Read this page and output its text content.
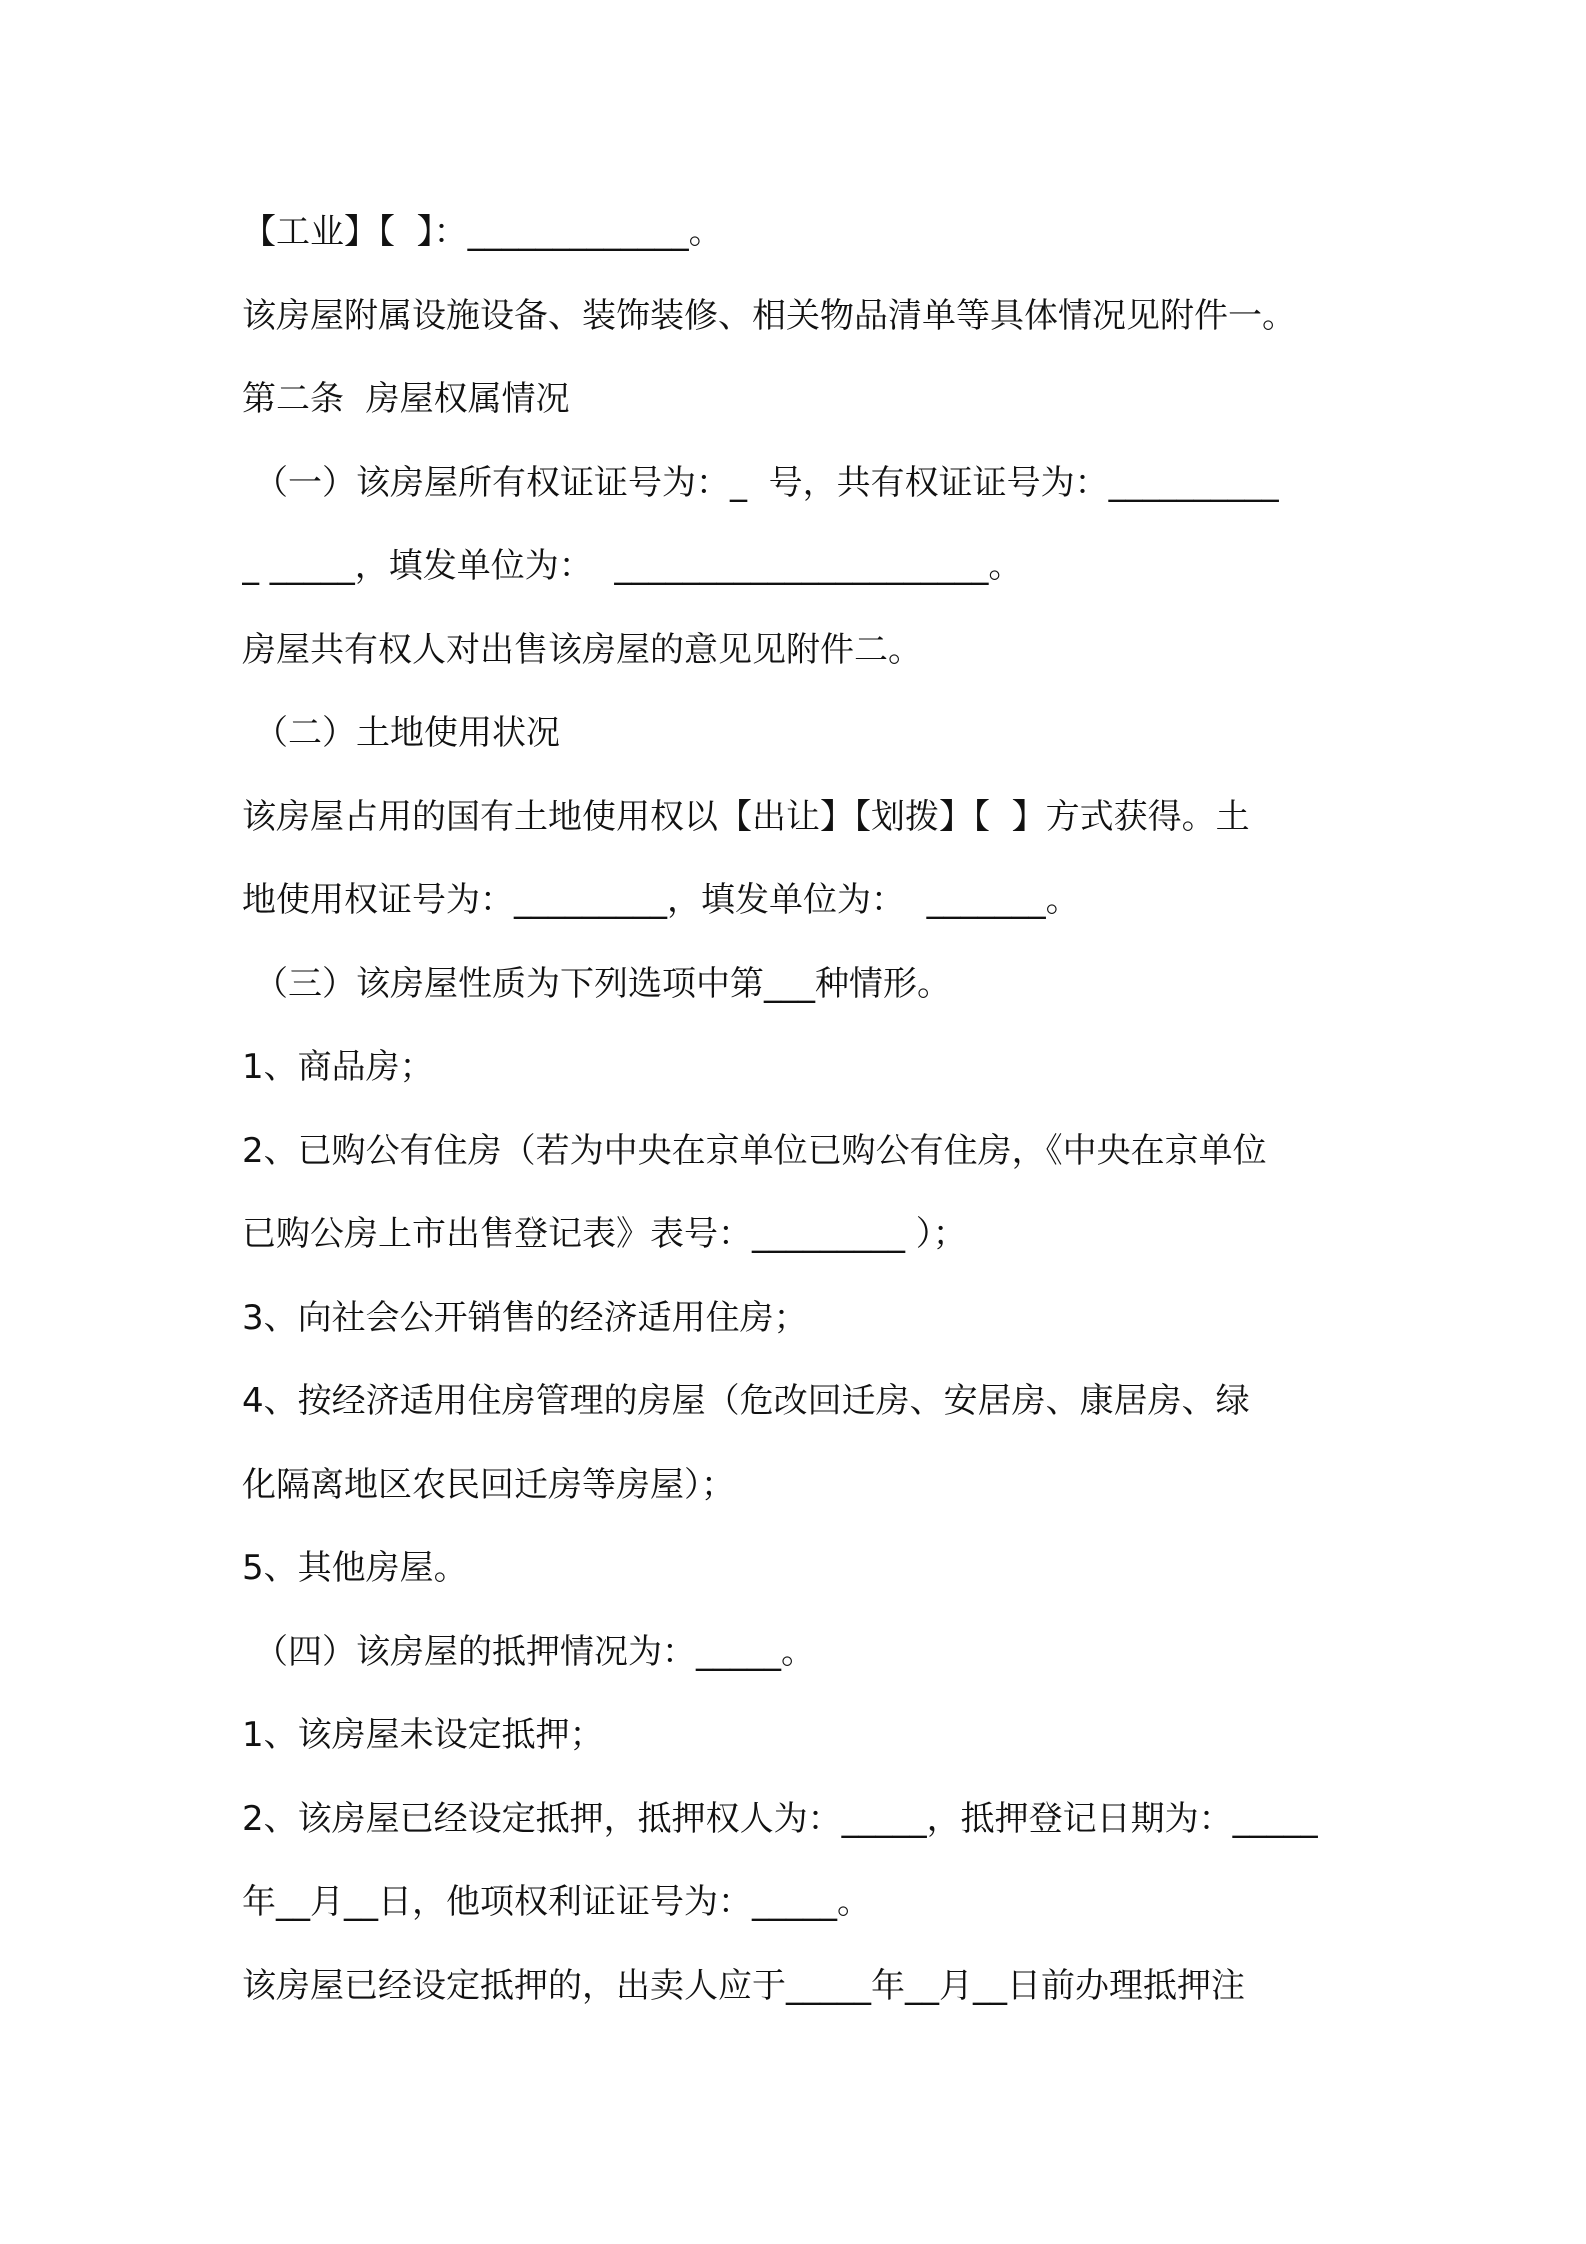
【工业】【  】：_____________。
该房屋附属设施设备、装饰装修、相关物品清单等具体情况见附件一。
第二条  房屋权属情况
（一）该房屋所有权证证号为：_  号，共有权证证号为：__________
_ _____，填发单位为：  ______________________。
房屋共有权人对出售该房屋的意见见附件二。
（二）土地使用状况
该房屋占用的国有土地使用权以【出让】【划拨】【  】方式获得。土
地使用权证号为：_________，填发单位为：  _______。
（三）该房屋性质为下列选项中第___种情形。
1、商品房；
2、已购公有住房（若为中央在京单位已购公有住房，《中央在京单位
已购公房上市出售登记表》表号：_________ ）；
3、向社会公开销售的经济适用住房；
4、按经济适用住房管理的房屋（危改回迁房、安居房、康居房、绿
化隔离地区农民回迁房等房屋）；
5、其他房屋。
（四）该房屋的抵押情况为：_____。
1、该房屋未设定抵押；
2、该房屋已经设定抵押，抵押权人为：_____，抵押登记日期为：_____
年__月__日，他项权利证证号为：_____。
该房屋已经设定抵押的，出卖人应于_____年__月__日前办理抵押注
